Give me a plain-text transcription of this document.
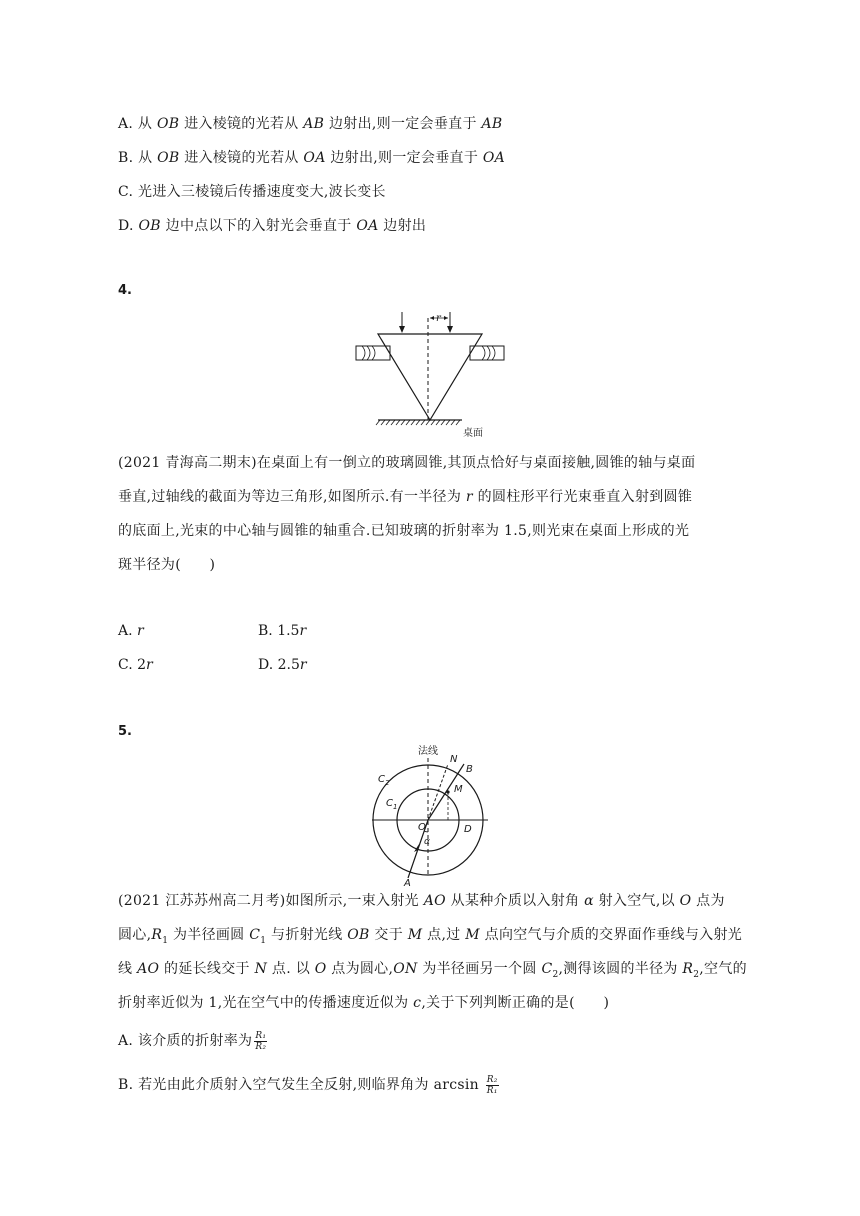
A. 从 OB 进入棱镜的光若从 AB 边射出,则一定会垂直于 AB
B. 从 OB 进入棱镜的光若从 OA 边射出,则一定会垂直于 OA
C. 光进入三棱镜后传播速度变大,波长变长
D. OB 边中点以下的入射光会垂直于 OA 边射出
4.
r
桌面
(2021 青海高二期末)在桌面上有一倒立的玻璃圆锥,其顶点恰好与桌面接触,圆锥的轴与桌面
垂直,过轴线的截面为等边三角形,如图所示.有一半径为 r 的圆柱形平行光束垂直入射到圆锥
的底面上,光束的中心轴与圆锥的轴重合.已知玻璃的折射率为 1.5,则光束在桌面上形成的光
斑半径为(　　)
A. r	B. 1.5r
C. 2r	D. 2.5r
5.
法线
N
B
M
$C_2$
$C_1$
O	D
α
A
(2021 江苏苏州高二月考)如图所示,一束入射光 AO 从某种介质以入射角 α 射入空气,以 O 点为
圆心$,R_1$ 为半径画圆 $C_1$ 与折射光线 OB 交于 M 点,过 M 点向空气与介质的交界面作垂线与入射光
线 AO 的延长线交于 N 点. 以 O 点为圆心,ON 为半径画另一个圆 $C_2$,测得该圆的半径为 $R_2$,空气的
折射率近似为 1,光在空气中的传播速度近似为 c,关于下列判断正确的是(　　)
A. 该介质的折射率为 $\frac{\text{R₁}}{\text{R₂}}$
B. 若光由此介质射入空气发生全反射,则临界角为 $\arcsin \frac{\text{R₂}}{\text{R₁}}$
